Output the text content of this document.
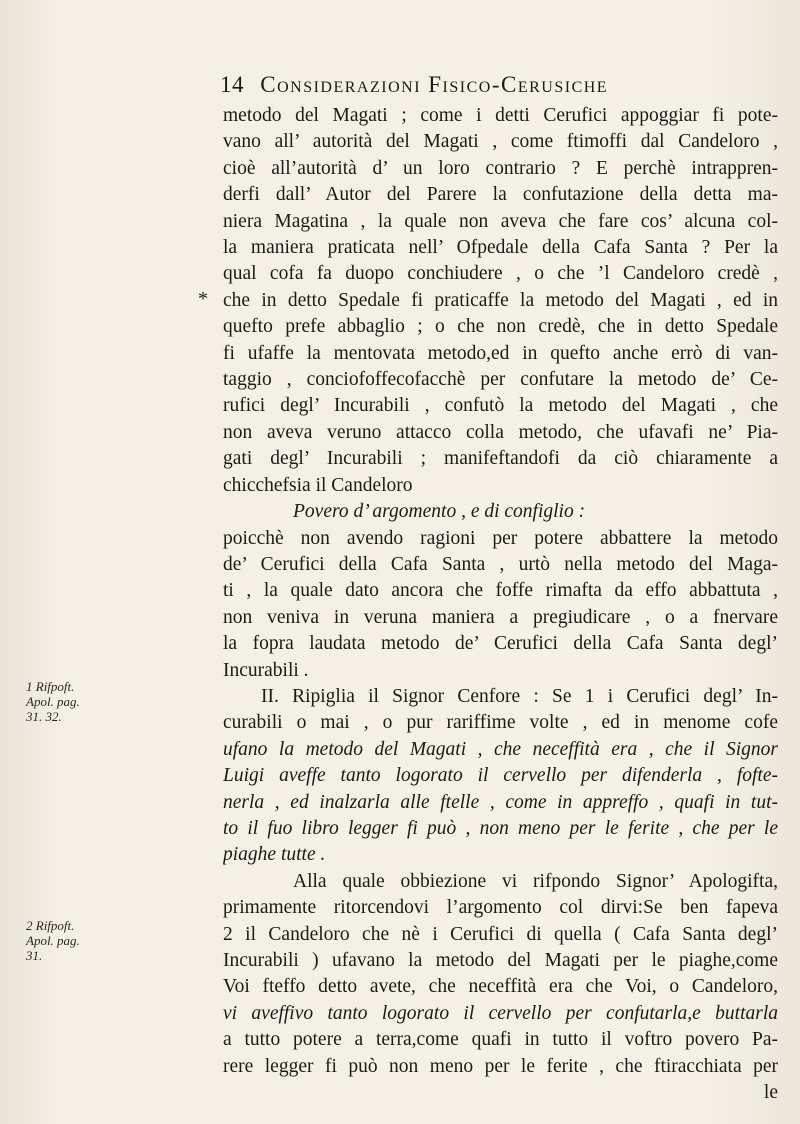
14 Considerazioni Fisico-Cerusiche
*
1 Rifpoft. Apol. pag. 31. 32.
2 Rifpoft. Apol. pag. 31.
metodo del Magati ; come i detti Cerufici appoggiar fi pote-
vano all’ autorità del Magati , come ftimoffi dal Candeloro ,
cioè all’autorità d’ un loro contrario ? E perchè intrappren-
derfi dall’ Autor del Parere la confutazione della detta ma-
niera Magatina , la quale non aveva che fare cos’ alcuna col-
la maniera praticata nell’ Ofpedale della Cafa Santa ? Per la
qual cofa fa duopo conchiudere , o che ’l Candeloro credè ,
che in detto Spedale fi praticaffe la metodo del Magati , ed in
quefto prefe abbaglio ; o che non credè, che in detto Spedale
fi ufaffe la mentovata metodo,ed in quefto anche errò di van-
taggio , conciofoffecofacchè per confutare la metodo de’ Ce-
rufici degl’ Incurabili , confutò la metodo del Magati , che
non aveva veruno attacco colla metodo, che ufavafi ne’ Pia-
gati degl’ Incurabili ; manifeftandofi da ciò chiaramente a
chicchefsia il Candeloro
Povero d’ argomento , e di configlio :
poicchè non avendo ragioni per potere abbattere la metodo
de’ Cerufici della Cafa Santa , urtò nella metodo del Maga-
ti , la quale dato ancora che foffe rimafta da effo abbattuta ,
non veniva in veruna maniera a pregiudicare , o a fnervare
la fopra laudata metodo de’ Cerufici della Cafa Santa degl’
Incurabili .
II. Ripiglia il Signor Cenfore : Se 1 i Cerufici degl’ In-
curabili o mai , o pur rariffime volte , ed in menome cofe
ufano la metodo del Magati , che neceffità era , che il Signor
Luigi aveffe tanto logorato il cervello per difenderla , fofte-
nerla , ed inalzarla alle ftelle , come in appreffo , quafi in tut-
to il fuo libro legger fi può , non meno per le ferite , che per le
piaghe tutte .
Alla quale obbiezione vi rifpondo Signor’ Apologifta,
primamente ritorcendovi l’argomento col dirvi:Se ben fapeva
2 il Candeloro che nè i Cerufici di quella ( Cafa Santa degl’
Incurabili ) ufavano la metodo del Magati per le piaghe,come
Voi fteffo detto avete, che neceffità era che Voi, o Candeloro,
vi aveffivo tanto logorato il cervello per confutarla,e buttarla
a tutto potere a terra,come quafi in tutto il voftro povero Pa-
rere legger fi può non meno per le ferite , che ftiracchiata per
le
